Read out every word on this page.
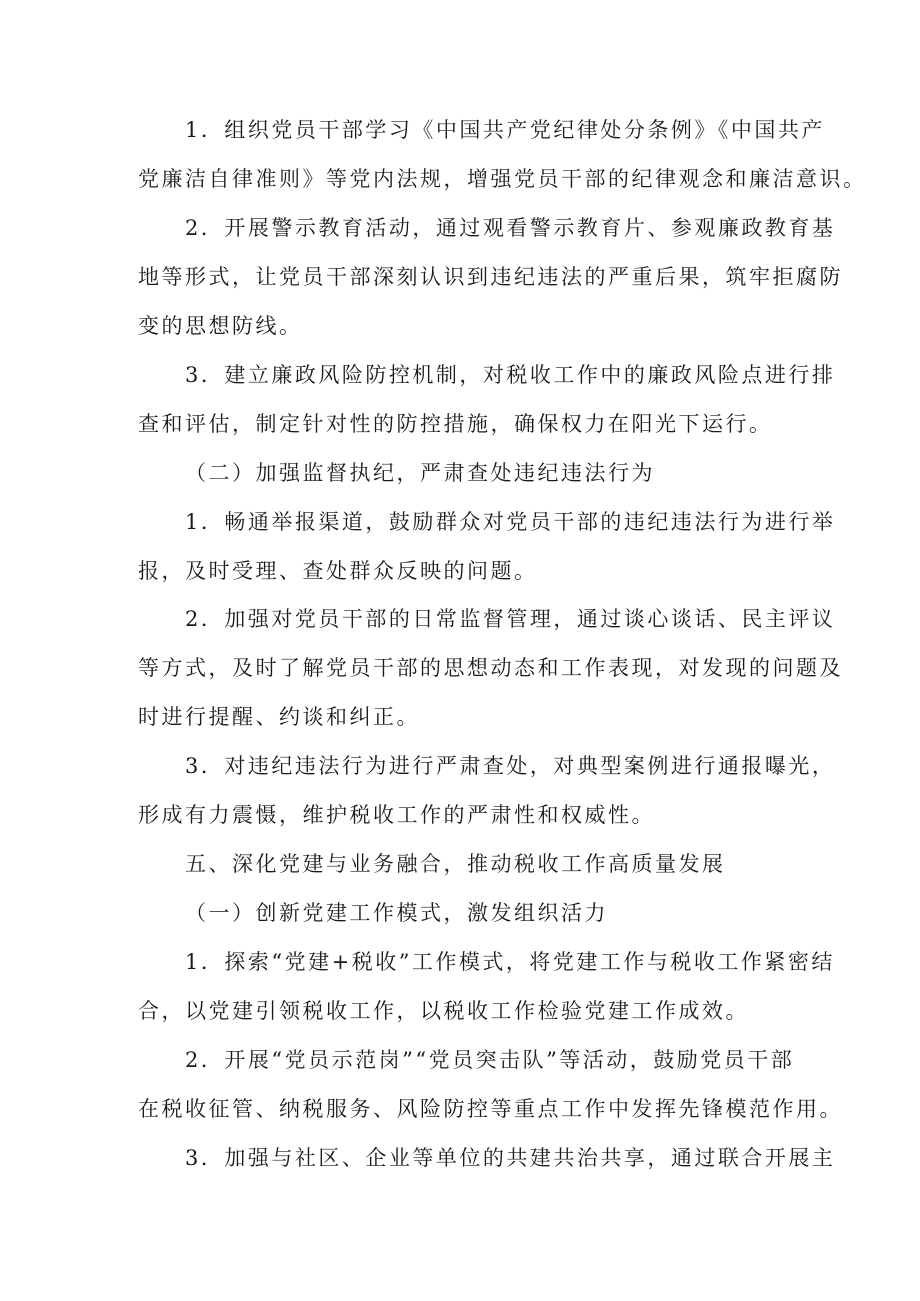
1．组织党员干部学习《中国共产党纪律处分条例》《中国共产

党廉洁自律准则》等党内法规，增强党员干部的纪律观念和廉洁意识。

2．开展警示教育活动，通过观看警示教育片、参观廉政教育基

地等形式，让党员干部深刻认识到违纪违法的严重后果，筑牢拒腐防

变的思想防线。

3．建立廉政风险防控机制，对税收工作中的廉政风险点进行排

查和评估，制定针对性的防控措施，确保权力在阳光下运行。

（二）加强监督执纪，严肃查处违纪违法行为

1．畅通举报渠道，鼓励群众对党员干部的违纪违法行为进行举

报，及时受理、查处群众反映的问题。

2．加强对党员干部的日常监督管理，通过谈心谈话、民主评议

等方式，及时了解党员干部的思想动态和工作表现，对发现的问题及

时进行提醒、约谈和纠正。

3．对违纪违法行为进行严肃查处，对典型案例进行通报曝光，

形成有力震慑，维护税收工作的严肃性和权威性。

五、深化党建与业务融合，推动税收工作高质量发展

（一）创新党建工作模式，激发组织活力

1．探索“党建+税收”工作模式，将党建工作与税收工作紧密结

合，以党建引领税收工作，以税收工作检验党建工作成效。

2．开展“党员示范岗”“党员突击队”等活动，鼓励党员干部

在税收征管、纳税服务、风险防控等重点工作中发挥先锋模范作用。

3．加强与社区、企业等单位的共建共治共享，通过联合开展主
